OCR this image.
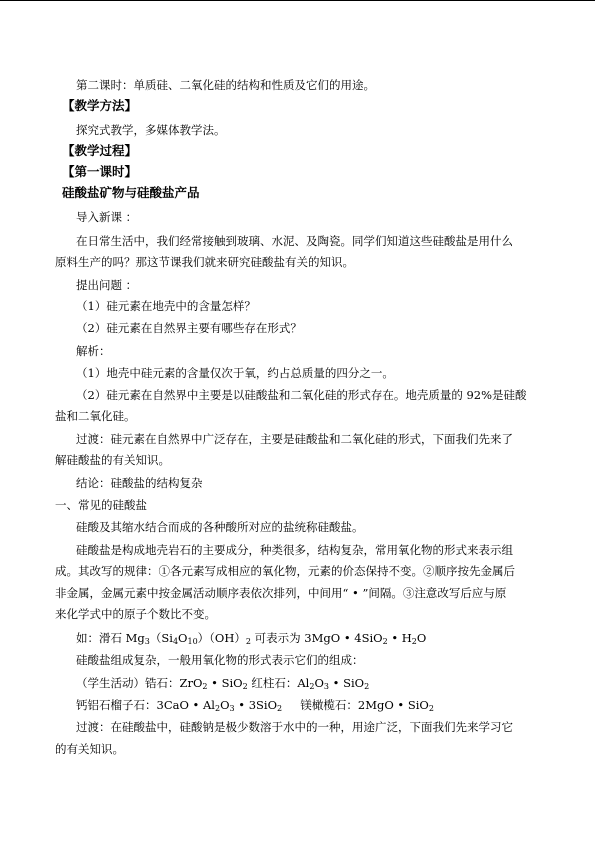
第二课时：单质硅、二氧化硅的结构和性质及它们的用途。
【教学方法】
探究式教学，多媒体教学法。
【教学过程】
【第一课时】
硅酸盐矿物与硅酸盐产品
导入新课 ：
在日常生活中，我们经常接触到玻璃、水泥、及陶瓷。同学们知道这些硅酸盐是用什么
原料生产的吗？那这节课我们就来研究硅酸盐有关的知识。
提出问题 ：
（1）硅元素在地壳中的含量怎样？
（2）硅元素在自然界主要有哪些存在形式？
解析：
（1）地壳中硅元素的含量仅次于氧，约占总质量的四分之一。
（2）硅元素在自然界中主要是以硅酸盐和二氧化硅的形式存在。地壳质量的 92%是硅酸
盐和二氧化硅。
过渡：硅元素在自然界中广泛存在，主要是硅酸盐和二氧化硅的形式，下面我们先来了
解硅酸盐的有关知识。
结论：硅酸盐的结构复杂
一、常见的硅酸盐
硅酸及其缩水结合而成的各种酸所对应的盐统称硅酸盐。
硅酸盐是构成地壳岩石的主要成分，种类很多，结构复杂，常用氧化物的形式来表示组
成。其改写的规律：①各元素写成相应的氧化物，元素的价态保持不变。②顺序按先金属后
非金属，金属元素中按金属活动顺序表依次排列，中间用“ • ”间隔。③注意改写后应与原
来化学式中的原子个数比不变。
如：滑石 $Mg_3(Si_4O_{10})(OH)_2$ 可表示为 3MgO • 4SiO$_2$ • $H_2O$
硅酸盐组成复杂，一般用氧化物的形式表示它们的组成：
（学生活动）锆石：ZrO$_2$ • SiO$_2$ 红柱石：$Al_2O_3$ • SiO$_2$
钙铝石榴子石：3CaO • $Al_2O_3$ • 3SiO$_2$     镁橄榄石：2MgO • SiO$_2$
过渡：在硅酸盐中，硅酸钠是极少数溶于水中的一种，用途广泛，下面我们先来学习它
的有关知识。
